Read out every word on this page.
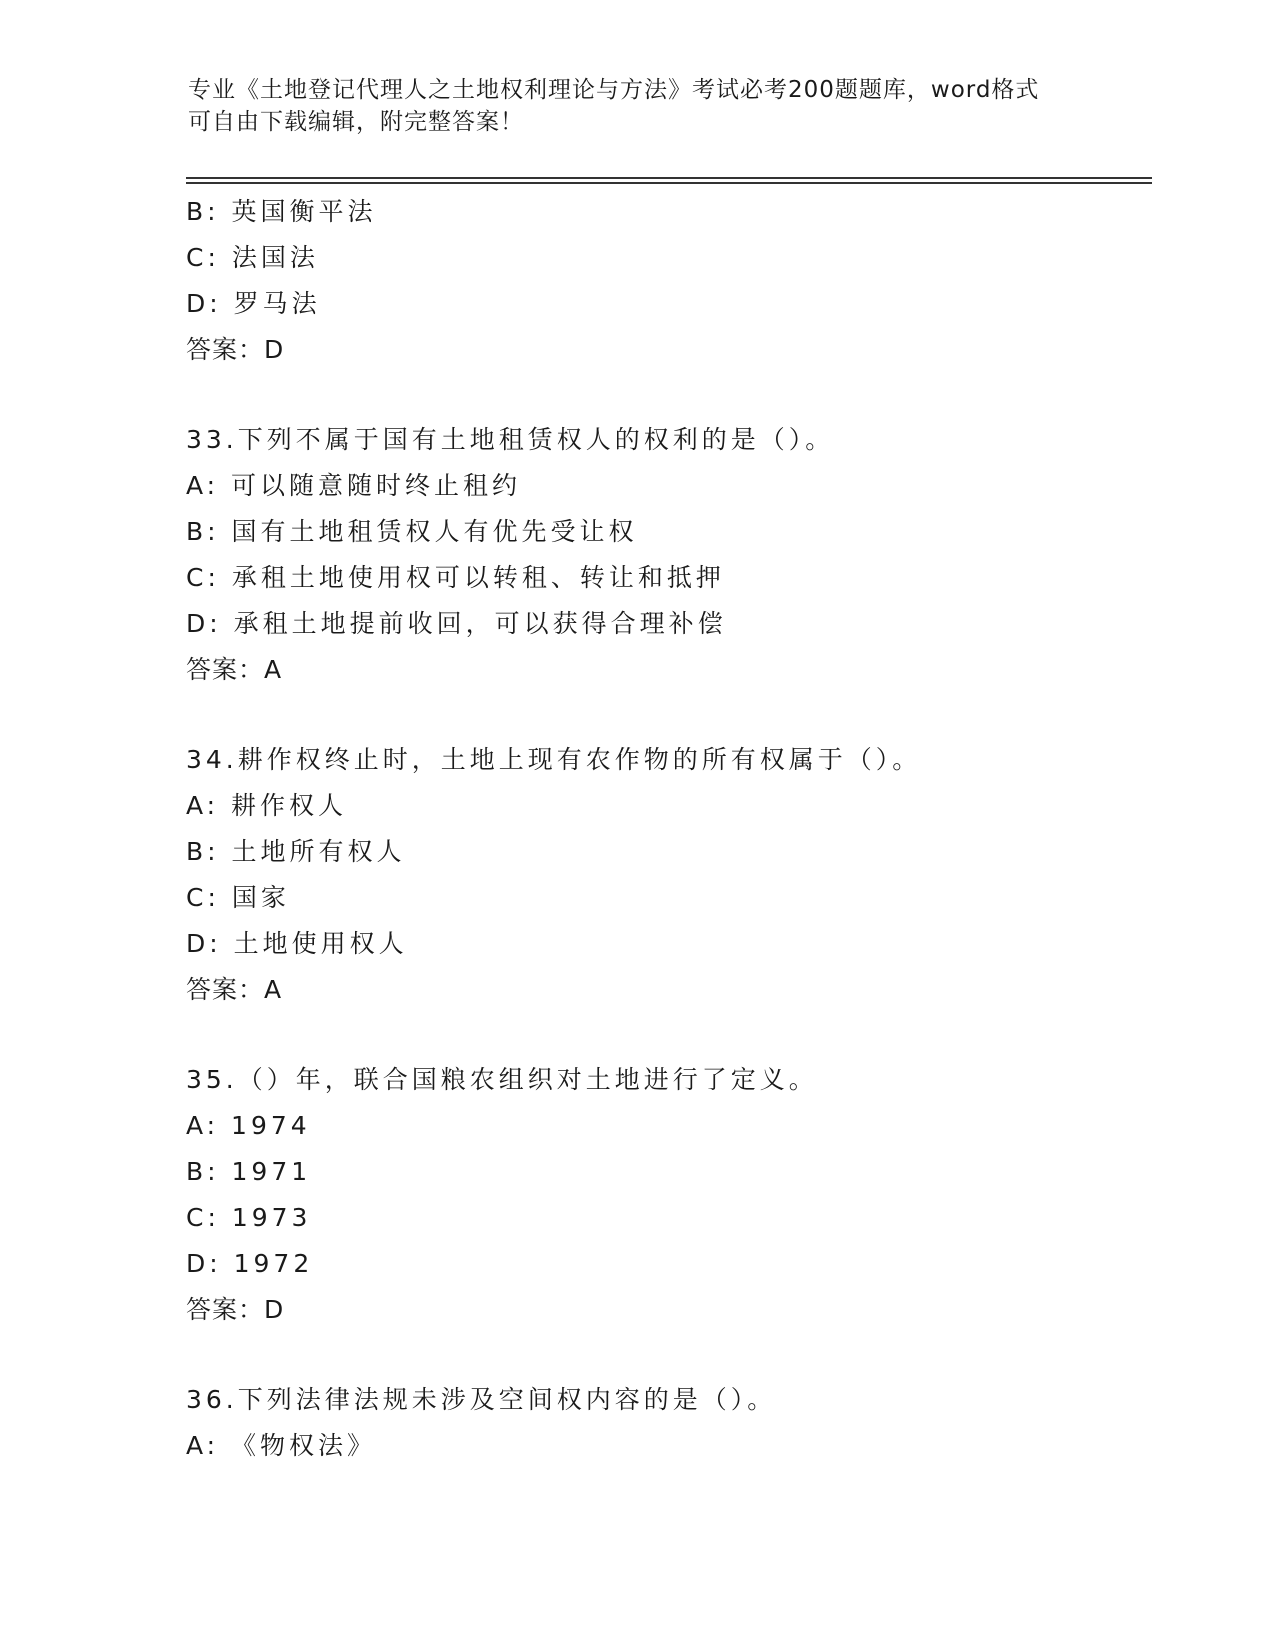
专业《土地登记代理人之土地权利理论与方法》考试必考200题题库，word格式
可自由下载编辑，附完整答案！
B: 英国衡平法
C: 法国法
D: 罗马法
答案：D
33.下列不属于国有土地租赁权人的权利的是（）。
A: 可以随意随时终止租约
B: 国有土地租赁权人有优先受让权
C: 承租土地使用权可以转租、转让和抵押
D: 承租土地提前收回，可以获得合理补偿
答案：A
34.耕作权终止时，土地上现有农作物的所有权属于（）。
A: 耕作权人
B: 土地所有权人
C: 国家
D: 土地使用权人
答案：A
35.（）年，联合国粮农组织对土地进行了定义。
A: 1974
B: 1971
C: 1973
D: 1972
答案：D
36.下列法律法规未涉及空间权内容的是（）。
A: 《物权法》
